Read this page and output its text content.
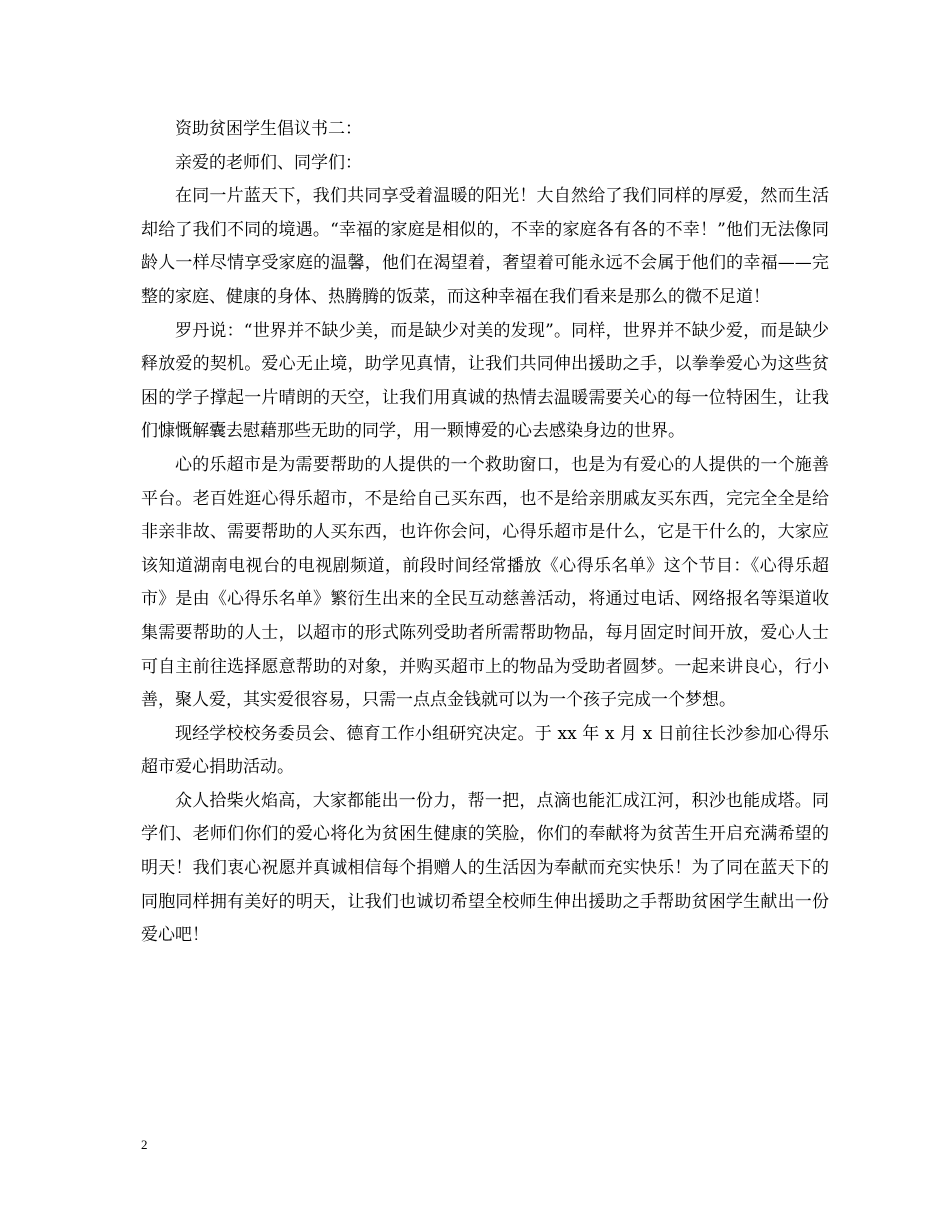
资助贫困学生倡议书二：

亲爱的老师们、同学们：

在同一片蓝天下，我们共同享受着温暖的阳光！大自然给了我们同样的厚爱，然而生活却给了我们不同的境遇。“幸福的家庭是相似的，不幸的家庭各有各的不幸！”他们无法像同龄人一样尽情享受家庭的温馨，他们在渴望着，奢望着可能永远不会属于他们的幸福——完整的家庭、健康的身体、热腾腾的饭菜，而这种幸福在我们看来是那么的微不足道！

罗丹说：“世界并不缺少美，而是缺少对美的发现”。同样，世界并不缺少爱，而是缺少释放爱的契机。爱心无止境，助学见真情，让我们共同伸出援助之手，以拳拳爱心为这些贫困的学子撑起一片晴朗的天空，让我们用真诚的热情去温暖需要关心的每一位特困生，让我们慷慨解囊去慰藉那些无助的同学，用一颗博爱的心去感染身边的世界。

心的乐超市是为需要帮助的人提供的一个救助窗口，也是为有爱心的人提供的一个施善平台。老百姓逛心得乐超市，不是给自己买东西，也不是给亲朋戚友买东西，完完全全是给非亲非故、需要帮助的人买东西，也许你会问，心得乐超市是什么，它是干什么的，大家应该知道湖南电视台的电视剧频道，前段时间经常播放《心得乐名单》这个节目：《心得乐超市》是由《心得乐名单》繁衍生出来的全民互动慈善活动，将通过电话、网络报名等渠道收集需要帮助的人士，以超市的形式陈列受助者所需帮助物品，每月固定时间开放，爱心人士可自主前往选择愿意帮助的对象，并购买超市上的物品为受助者圆梦。一起来讲良心，行小善，聚人爱，其实爱很容易，只需一点点金钱就可以为一个孩子完成一个梦想。

现经学校校务委员会、德育工作小组研究决定。于 xx 年 x 月 x 日前往长沙参加心得乐超市爱心捐助活动。

众人拾柴火焰高，大家都能出一份力，帮一把，点滴也能汇成江河，积沙也能成塔。同学们、老师们你们的爱心将化为贫困生健康的笑脸，你们的奉献将为贫苦生开启充满希望的明天！我们衷心祝愿并真诚相信每个捐赠人的生活因为奉献而充实快乐！为了同在蓝天下的同胞同样拥有美好的明天，让我们也诚切希望全校师生伸出援助之手帮助贫困学生献出一份爱心吧！

2
